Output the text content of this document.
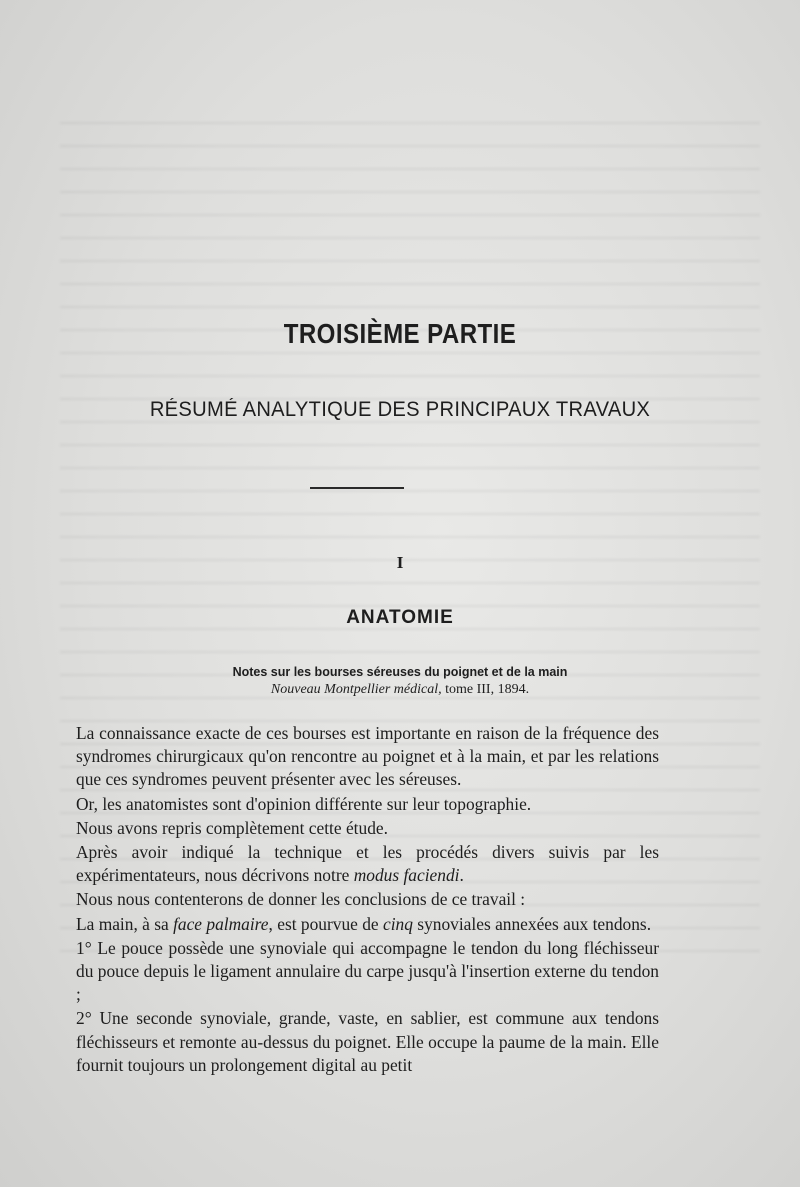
TROISIÈME PARTIE
RÉSUMÉ ANALYTIQUE DES PRINCIPAUX TRAVAUX
I
ANATOMIE
Notes sur les bourses séreuses du poignet et de la main
Nouveau Montpellier médical, tome III, 1894.

La connaissance exacte de ces bourses est importante en raison de la fréquence des syndromes chirurgicaux qu'on rencontre au poignet et à la main, et par les relations que ces syndromes peuvent présenter avec les séreuses.

Or, les anatomistes sont d'opinion différente sur leur topographie.

Nous avons repris complètement cette étude.

Après avoir indiqué la technique et les procédés divers suivis par les expérimentateurs, nous décrivons notre modus faciendi.

Nous nous contenterons de donner les conclusions de ce travail :

La main, à sa face palmaire, est pourvue de cinq synoviales annexées aux tendons.

1° Le pouce possède une synoviale qui accompagne le tendon du long fléchisseur du pouce depuis le ligament annulaire du carpe jusqu'à l'insertion externe du tendon ;

2° Une seconde synoviale, grande, vaste, en sablier, est commune aux tendons fléchisseurs et remonte au-dessus du poignet. Elle occupe la paume de la main. Elle fournit toujours un prolongement digital au petit
